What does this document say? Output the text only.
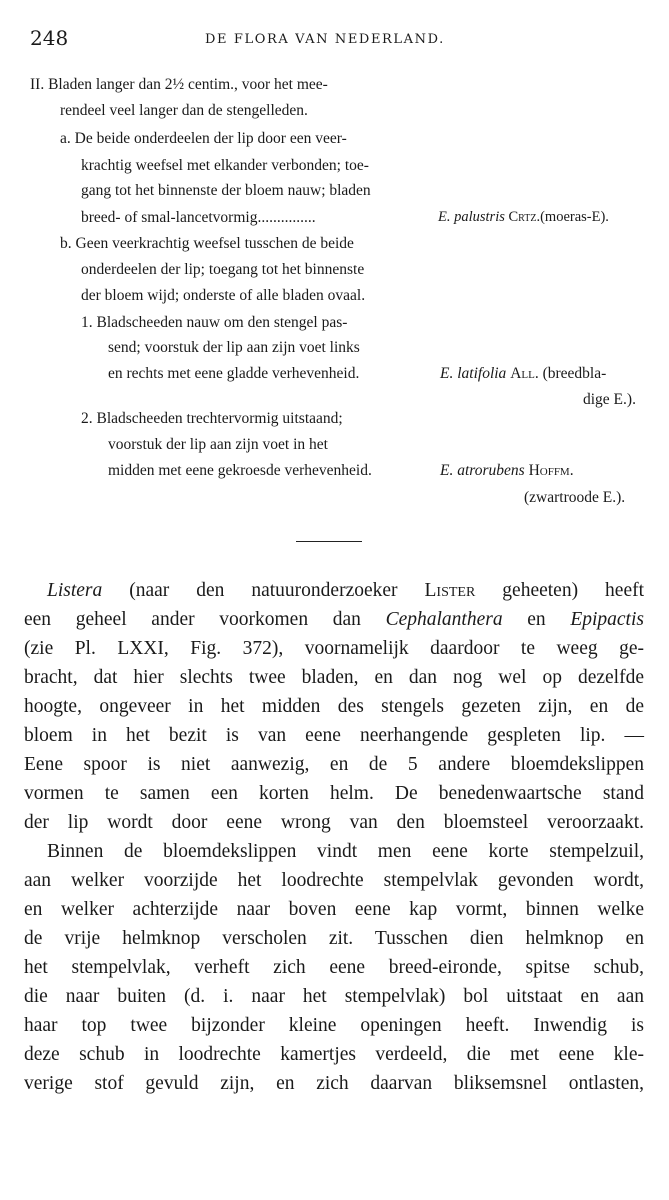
248	DE FLORA VAN NEDERLAND.
II. Bladen langer dan 2½ centim., voor het mee-
rendeel veel langer dan de stengelleden.
a. De beide onderdeelen der lip door een veer-
krachtig weefsel met elkander verbonden; toe-
gang tot het binnenste der bloem nauw; bladen
breed- of smal-lancetvormig...............	E. palustris Crtz.(moeras-E).
b. Geen veerkrachtig weefsel tusschen de beide
onderdeelen der lip; toegang tot het binnenste
der bloem wijd; onderste of alle bladen ovaal.
1. Bladscheeden nauw om den stengel pas-
send; voorstuk der lip aan zijn voet links
en rechts met eene gladde verhevenheid.	E. latifolia All. (breedbla-
dige E.).
2. Bladscheeden trechtervormig uitstaand;
voorstuk der lip aan zijn voet in het
midden met eene gekroesde verhevenheid.	E. atrorubens Hoffm.
(zwartroode E.).
Listera (naar den natuuronderzoeker Lister geheeten) heeft
een geheel ander voorkomen dan Cephalanthera en Epipactis
(zie Pl. LXXI, Fig. 372), voornamelijk daardoor te weeg ge-
bracht, dat hier slechts twee bladen, en dan nog wel op dezelfde
hoogte, ongeveer in het midden des stengels gezeten zijn, en de
bloem in het bezit is van eene neerhangende gespleten lip. —
Eene spoor is niet aanwezig, en de 5 andere bloemdekslippen
vormen te samen een korten helm. De benedenwaartsche stand
der lip wordt door eene wrong van den bloemsteel veroorzaakt.
Binnen de bloemdekslippen vindt men eene korte stempelzuil,
aan welker voorzijde het loodrechte stempelvlak gevonden wordt,
en welker achterzijde naar boven eene kap vormt, binnen welke
de vrije helmknop verscholen zit. Tusschen dien helmknop en
het stempelvlak, verheft zich eene breed-eironde, spitse schub,
die naar buiten (d. i. naar het stempelvlak) bol uitstaat en aan
haar top twee bijzonder kleine openingen heeft. Inwendig is
deze schub in loodrechte kamertjes verdeeld, die met eene kle-
verige stof gevuld zijn, en zich daarvan bliksemsnel ontlasten,
